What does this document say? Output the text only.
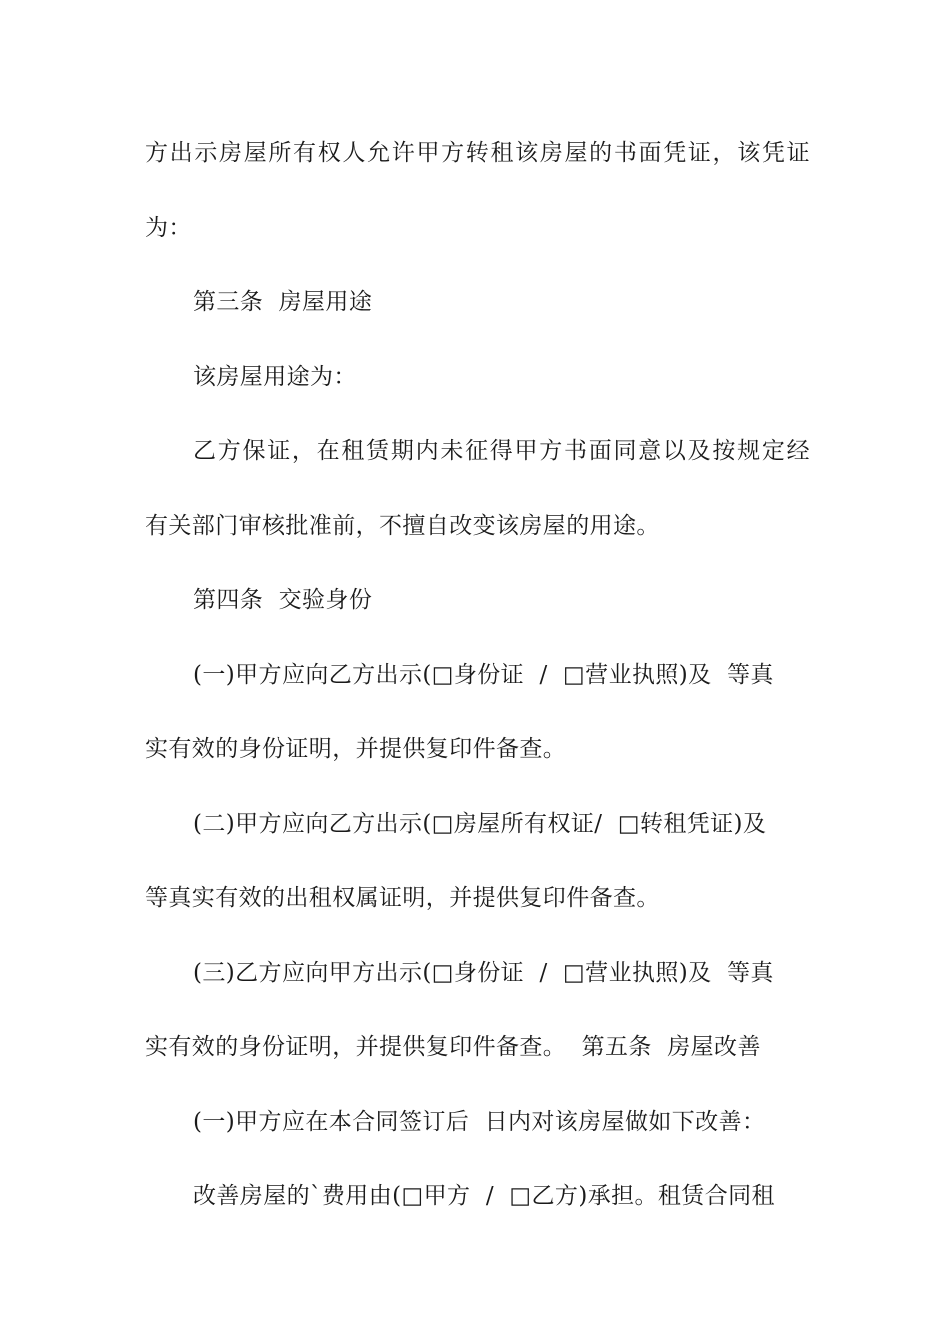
方出示房屋所有权人允许甲方转租该房屋的书面凭证，该凭证
为：
第三条  房屋用途
该房屋用途为：
乙方保证，在租赁期内未征得甲方书面同意以及按规定经
有关部门审核批准前，不擅自改变该房屋的用途。
第四条  交验身份
(一)甲方应向乙方出示(□身份证  /  □营业执照)及  等真
实有效的身份证明，并提供复印件备查。
(二)甲方应向乙方出示(□房屋所有权证/  □转租凭证)及
等真实有效的出租权属证明，并提供复印件备查。
(三)乙方应向甲方出示(□身份证  /  □营业执照)及  等真
实有效的身份证明，并提供复印件备查。  第五条  房屋改善
(一)甲方应在本合同签订后  日内对该房屋做如下改善：
改善房屋的`费用由(□甲方  /  □乙方)承担。租赁合同租
